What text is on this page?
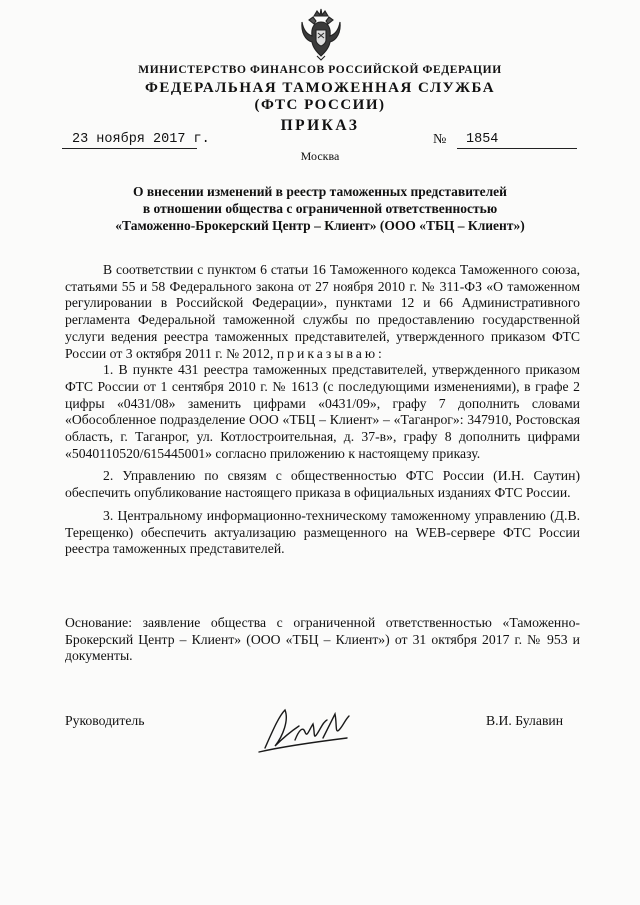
МИНИСТЕРСТВО ФИНАНСОВ РОССИЙСКОЙ ФЕДЕРАЦИИ
ФЕДЕРАЛЬНАЯ ТАМОЖЕННАЯ СЛУЖБА
(ФТС РОССИИ)
ПРИКАЗ
23 ноября 2017 г.	№ 1854
Москва
О внесении изменений в реестр таможенных представителей
в отношении общества с ограниченной ответственностью
«Таможенно-Брокерский Центр – Клиент» (ООО «ТБЦ – Клиент»)

В соответствии с пунктом 6 статьи 16 Таможенного кодекса Таможенного союза, статьями 55 и 58 Федерального закона от 27 ноября 2010 г. № 311-ФЗ «О таможенном регулировании в Российской Федерации», пунктами 12 и 66 Административного регламента Федеральной таможенной службы по предоставлению государственной услуги ведения реестра таможенных представителей, утвержденного приказом ФТС России от 3 октября 2011 г. № 2012, приказываю:

1. В пункте 431 реестра таможенных представителей, утвержденного приказом ФТС России от 1 сентября 2010 г. № 1613 (с последующими изменениями), в графе 2 цифры «0431/08» заменить цифрами «0431/09», графу 7 дополнить словами «Обособленное подразделение ООО «ТБЦ – Клиент» – «Таганрог»: 347910, Ростовская область, г. Таганрог, ул. Котлостроительная, д. 37-в», графу 8 дополнить цифрами «5040110520/615445001» согласно приложению к настоящему приказу.

2. Управлению по связям с общественностью ФТС России (И.Н. Саутин) обеспечить опубликование настоящего приказа в официальных изданиях ФТС России.

3. Центральному информационно-техническому таможенному управлению (Д.В. Терещенко) обеспечить актуализацию размещенного на WEB-сервере ФТС России реестра таможенных представителей.

Основание: заявление общества с ограниченной ответственностью «Таможенно-Брокерский Центр – Клиент» (ООО «ТБЦ – Клиент») от 31 октября 2017 г. № 953 и документы.
Руководитель	В.И. Булавин
